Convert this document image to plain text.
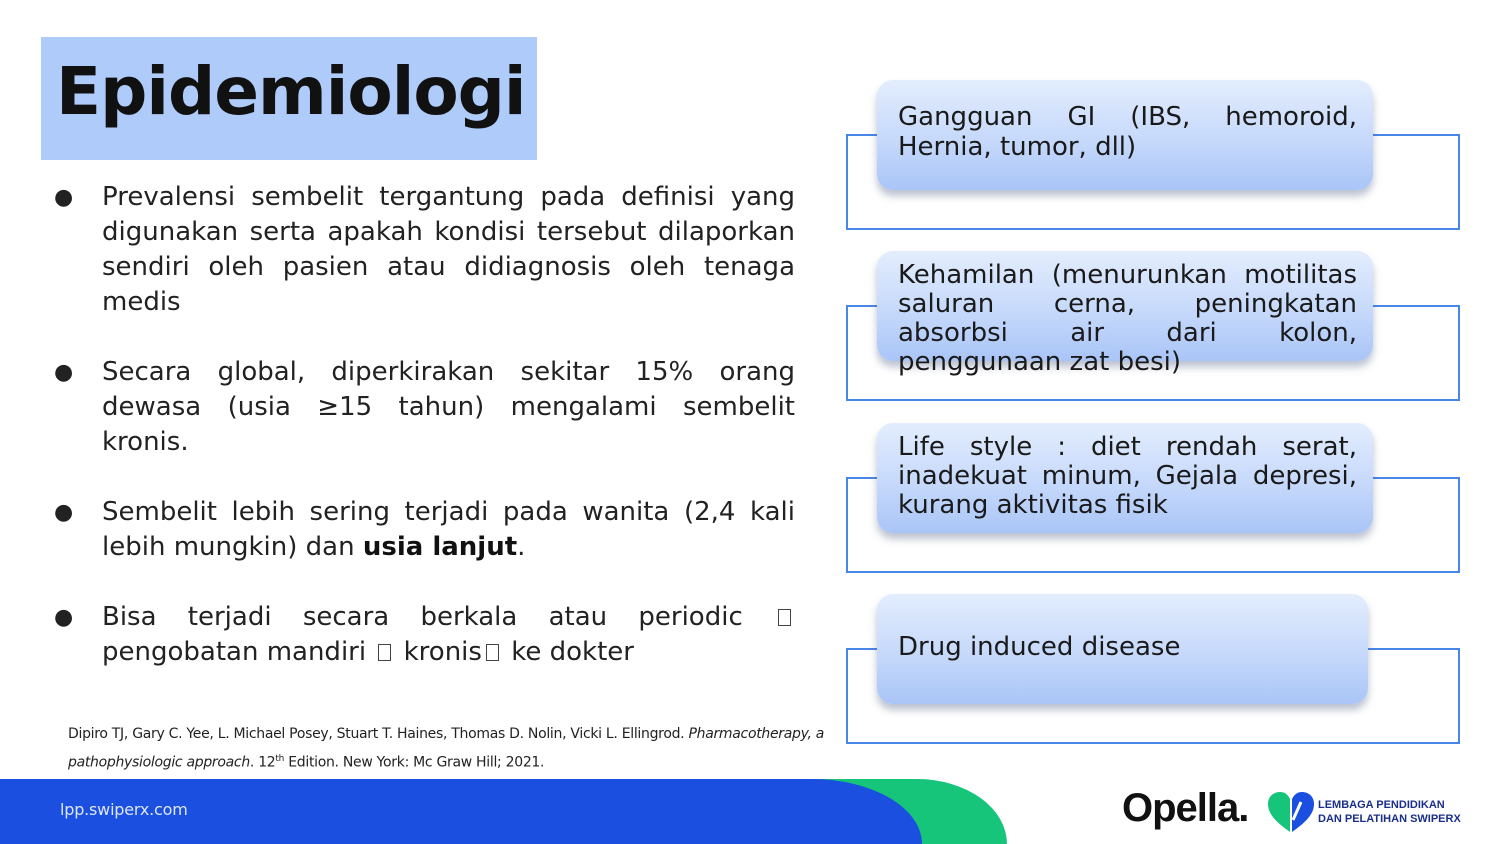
Epidemiologi
● Prevalensi sembelit tergantung pada definisi yang digunakan serta apakah kondisi tersebut dilaporkan sendiri oleh pasien atau didiagnosis oleh tenaga medis
● Secara global, diperkirakan sekitar 15% orang dewasa (usia ≥15 tahun) mengalami sembelit kronis.
● Sembelit lebih sering terjadi pada wanita (2,4 kali lebih mungkin) dan usia lanjut.
● Bisa terjadi secara berkala atau periodic  pengobatan mandiri kronis ke dokter
Dipiro TJ, Gary C. Yee, L. Michael Posey, Stuart T. Haines, Thomas D. Nolin, Vicki L. Ellingrod. Pharmacotherapy, a pathophysiologic approach. 12th Edition. New York: Mc Graw Hill; 2021.
Gangguan GI (IBS, hemoroid, Hernia, tumor, dll)
Kehamilan (menurunkan motilitas saluran cerna, peningkatan absorbsi air dari kolon, penggunaan zat besi)
Life style : diet rendah serat, inadekuat minum, Gejala depresi, kurang aktivitas fisik
Drug induced disease
lpp.swiperx.com	Opella.	LEMBAGA PENDIDIKAN
DAN PELATIHAN SWIPERX
